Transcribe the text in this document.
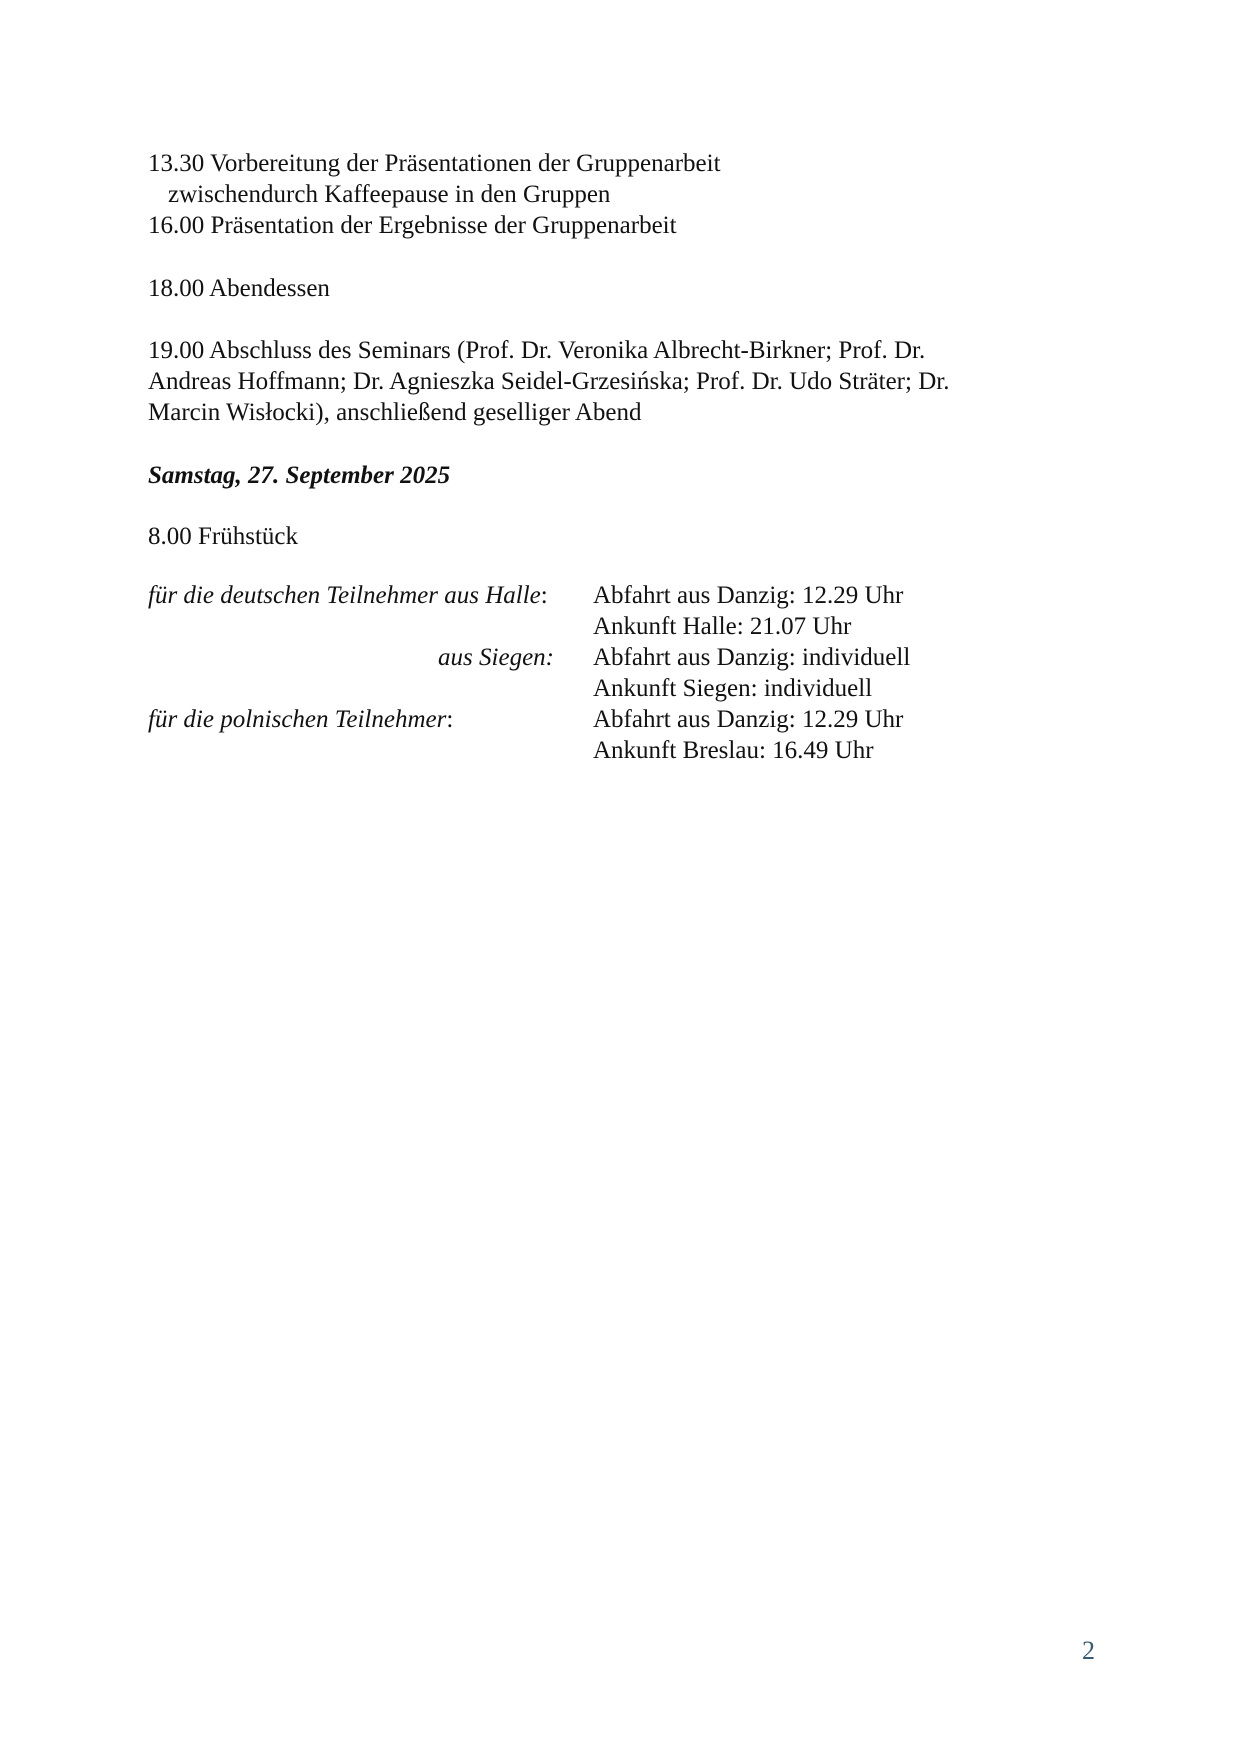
13.30 Vorbereitung der Präsentationen der Gruppenarbeit
zwischendurch Kaffeepause in den Gruppen
16.00 Präsentation der Ergebnisse der Gruppenarbeit
18.00 Abendessen
19.00 Abschluss des Seminars (Prof. Dr. Veronika Albrecht-Birkner; Prof. Dr.
Andreas Hoffmann; Dr. Agnieszka Seidel-Grzesińska; Prof. Dr. Udo Sträter; Dr.
Marcin Wisłocki), anschließend geselliger Abend
Samstag, 27. September 2025
8.00 Frühstück
für die deutschen Teilnehmer aus Halle: Abfahrt aus Danzig: 12.29 Uhr
Ankunft Halle: 21.07 Uhr
aus Siegen: Abfahrt aus Danzig: individuell
Ankunft Siegen: individuell
für die polnischen Teilnehmer:	Abfahrt aus Danzig: 12.29 Uhr
Ankunft Breslau: 16.49 Uhr
2
